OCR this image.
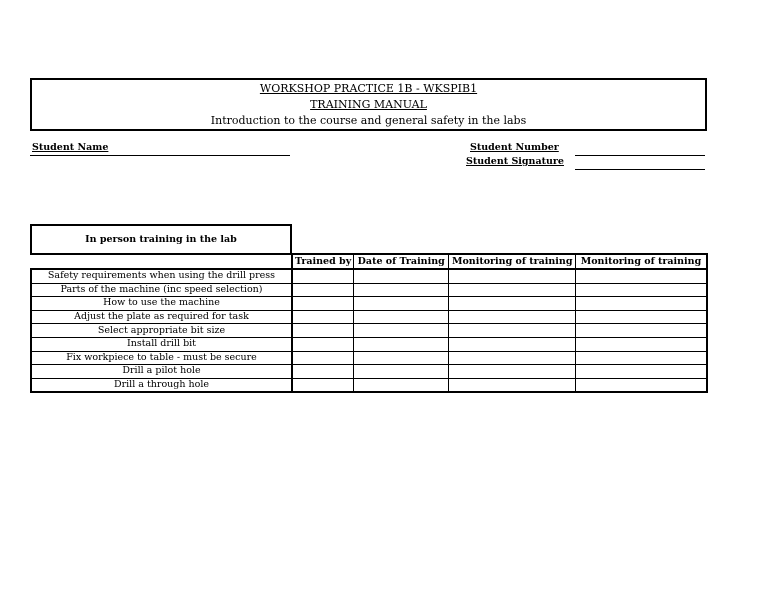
WORKSHOP PRACTICE 1B - WKSPIB1
TRAINING MANUAL
Introduction to the course and general safety in the labs
Student Name	Student Number
Student Signature
In person training in the lab
	Trained by	Date of Training	Monitoring of training	Monitoring of training
Safety requirements when using the drill press				
Parts of the machine (inc speed selection)				
How to use the machine				
Adjust the plate as required for task				
Select appropriate bit size				
Install drill bit				
Fix workpiece to table - must be secure				
Drill a pilot hole				
Drill a through hole				
